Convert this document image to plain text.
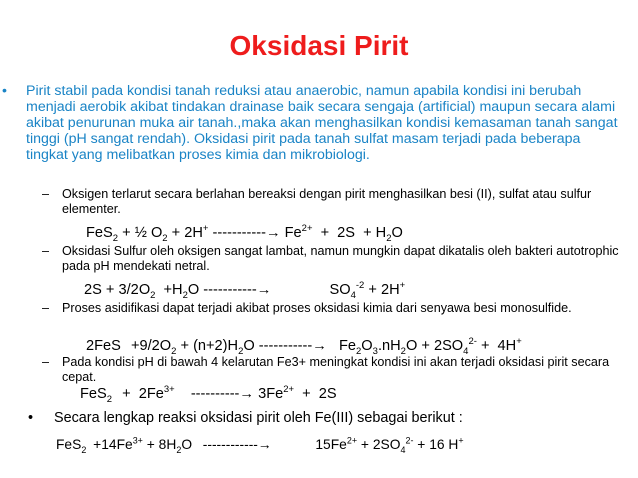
Oksidasi Pirit
• Pirit stabil pada kondisi tanah reduksi atau anaerobic, namun apabila kondisi ini berubah menjadi aerobik akibat tindakan drainase baik secara sengaja (artificial) maupun secara alami akibat penurunan muka air tanah.,maka akan menghasilkan kondisi kemasaman tanah sangat tinggi (pH sangat rendah). Oksidasi pirit pada tanah sulfat masam terjadi pada beberapa tingkat yang melibatkan proses kimia dan mikrobiologi.
– Oksigen terlarut secara berlahan bereaksi dengan pirit menghasilkan besi (II), sulfat atau sulfur elementer.
FeS$_2$ + ½ $O_2 + 2H^+$ -----------→ $Fe^{2+} + 2S + H_2O$
– Oksidasi Sulfur oleh oksigen sangat lambat, namun mungkin dapat dikatalis oleh bakteri autotrophic pada pH mendekati netral.
$2S + 3/2O_2 +H_2O$ -----------→	$SO_4^{-2} + 2H^+$
– Proses asidifikasi dapat terjadi akibat proses oksidasi kimia dari senyawa besi monosulfide.
$2FeS +9/2O_2 + (n+2)H_2O$ -----------→ $Fe_2O_3.nH_2O + 2SO_4^{2-} + 4H^+$
– Pada kondisi pH di bawah 4 kelarutan Fe3+ meningkat kondisi ini akan terjadi oksidasi pirit secara cepat.
$FeS_2 + 2Fe^{3+}$ ----------→ $3Fe^{2+} + 2S$
• Secara lengkap reaksi oksidasi pirit oleh Fe(III) sebagai berikut :
$FeS_2 +14Fe^{3+} + 8H_2O$ ------------→	$15Fe^{2+} + 2SO_4^{2-} + 16$ H+
